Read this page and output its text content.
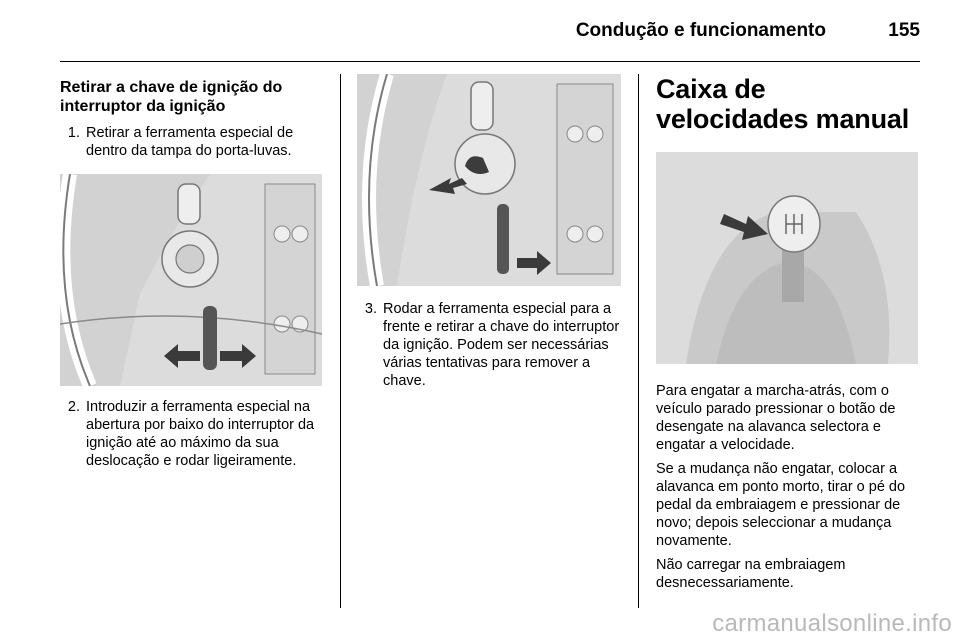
Condução e funcionamento	155
Retirar a chave de ignição do interruptor da ignição
1. Retirar a ferramenta especial de dentro da tampa do porta-luvas.
2. Introduzir a ferramenta especial na abertura por baixo do interruptor da ignição até ao máximo da sua deslocação e rodar ligeiramente.
3. Rodar a ferramenta especial para a frente e retirar a chave do interruptor da ignição. Podem ser necessárias várias tentativas para remover a chave.
Caixa de velocidades manual

Para engatar a marcha-atrás, com o veículo parado pressionar o botão de desengate na alavanca selectora e engatar a velocidade.

Se a mudança não engatar, colocar a alavanca em ponto morto, tirar o pé do pedal da embraiagem e pressionar de novo; depois seleccionar a mudança novamente.

Não carregar na embraiagem desnecessariamente.

carmanualsonline.info
